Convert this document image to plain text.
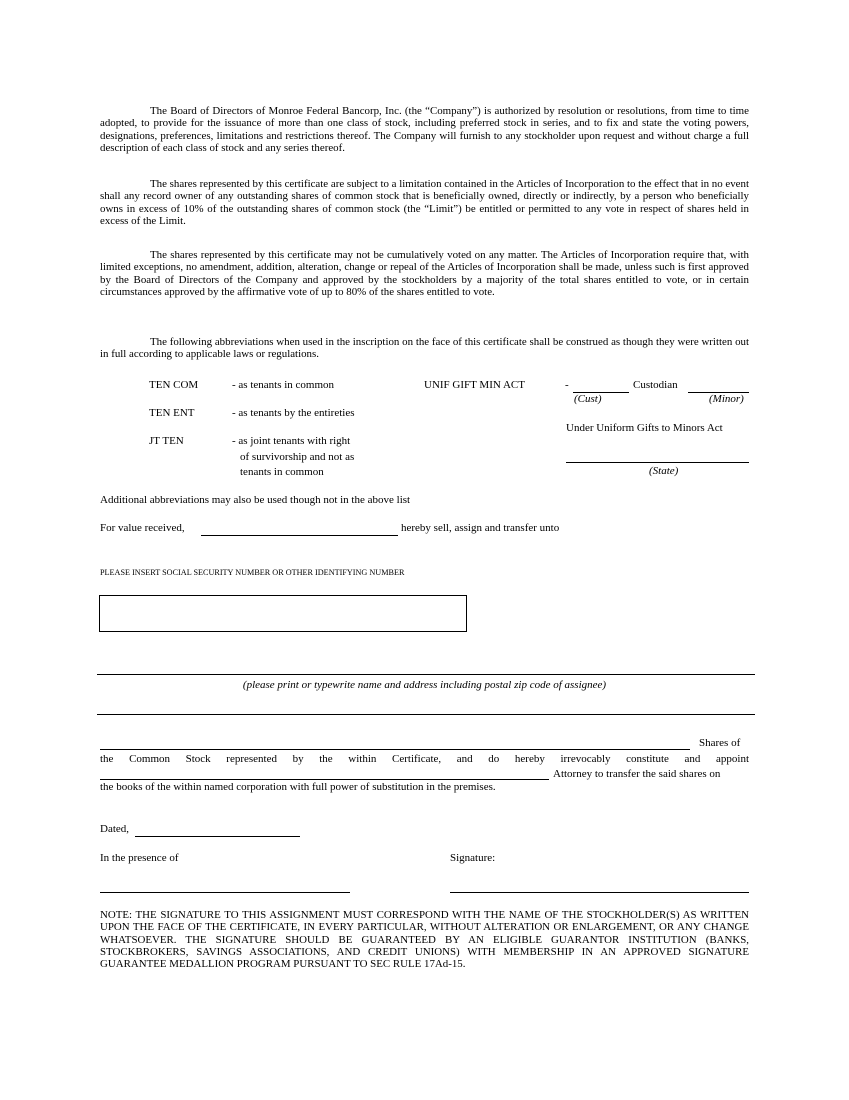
The Board of Directors of Monroe Federal Bancorp, Inc. (the “Company”) is authorized by resolution or resolutions, from time to time adopted, to provide for the issuance of more than one class of stock, including preferred stock in series, and to fix and state the voting powers, designations, preferences, limitations and restrictions thereof. The Company will furnish to any stockholder upon request and without charge a full description of each class of stock and any series thereof.

The shares represented by this certificate are subject to a limitation contained in the Articles of Incorporation to the effect that in no event shall any record owner of any outstanding shares of common stock that is beneficially owned, directly or indirectly, by a person who beneficially owns in excess of 10% of the outstanding shares of common stock (the “Limit”) be entitled or permitted to any vote in respect of shares held in excess of the Limit.

The shares represented by this certificate may not be cumulatively voted on any matter. The Articles of Incorporation require that, with limited exceptions, no amendment, addition, alteration, change or repeal of the Articles of Incorporation shall be made, unless such is first approved by the Board of Directors of the Company and approved by the stockholders by a majority of the total shares entitled to vote, or in certain circumstances approved by the affirmative vote of up to 80% of the shares entitled to vote.

The following abbreviations when used in the inscription on the face of this certificate shall be construed as though they were written out in full according to applicable laws or regulations.

TEN COM	- as tenants in common
TEN ENT	- as tenants by the entireties
JT TEN	- as joint tenants with right
of survivorship and not as
tenants in common
UNIF GIFT MIN ACT	-	Custodian
(Cust)	(Minor)
Under Uniform Gifts to Minors Act
(State)
Additional abbreviations may also be used though not in the above list
For value received,	hereby sell, assign and transfer unto
PLEASE INSERT SOCIAL SECURITY NUMBER OR OTHER IDENTIFYING NUMBER
(please print or typewrite name and address including postal zip code of assignee)
Shares of
the Common Stock represented by the within Certificate, and do hereby irrevocably constitute and appoint
Attorney to transfer the said shares on
the books of the within named corporation with full power of substitution in the premises.
Dated,
In the presence of	Signature:

NOTE: THE SIGNATURE TO THIS ASSIGNMENT MUST CORRESPOND WITH THE NAME OF THE STOCKHOLDER(S) AS WRITTEN UPON THE FACE OF THE CERTIFICATE, IN EVERY PARTICULAR, WITHOUT ALTERATION OR ENLARGEMENT, OR ANY CHANGE WHATSOEVER. THE SIGNATURE SHOULD BE GUARANTEED BY AN ELIGIBLE GUARANTOR INSTITUTION (BANKS, STOCKBROKERS, SAVINGS ASSOCIATIONS, AND CREDIT UNIONS) WITH MEMBERSHIP IN AN APPROVED SIGNATURE GUARANTEE MEDALLION PROGRAM PURSUANT TO SEC RULE 17Ad-15.
